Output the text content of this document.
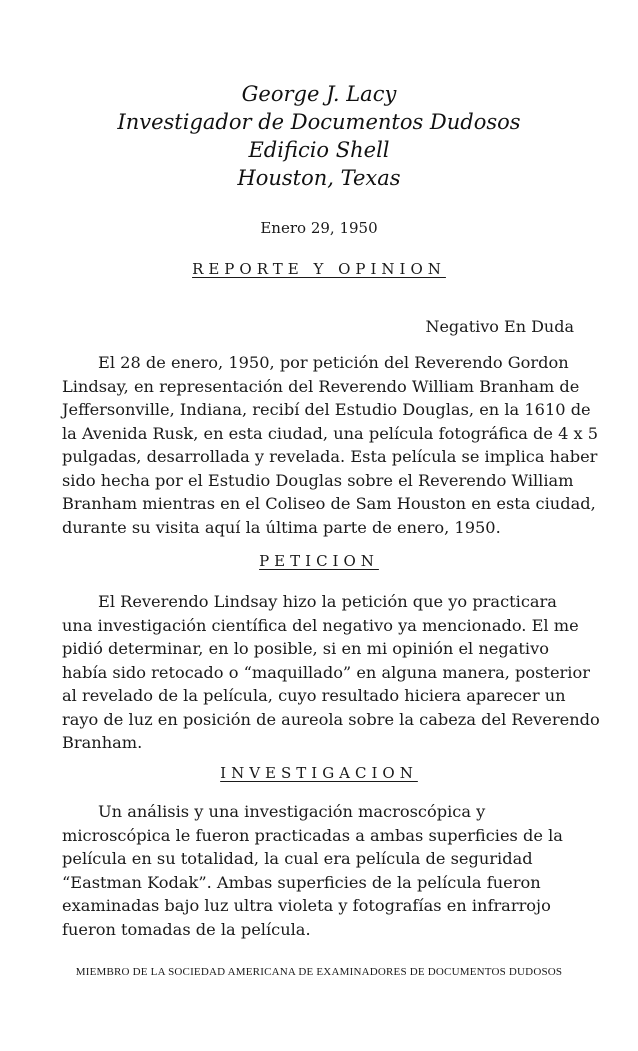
George J. Lacy
Investigador de Documentos Dudosos
Edificio Shell
Houston, Texas
Enero 29, 1950
REPORTE Y OPINION
Negativo En Duda
El 28 de enero, 1950, por petición del Reverendo Gordon
Lindsay, en representación del Reverendo William Branham de
Jeffersonville, Indiana, recibí del Estudio Douglas, en la 1610 de
la Avenida Rusk, en esta ciudad, una película fotográfica de 4 x 5
pulgadas, desarrollada y revelada. Esta película se implica haber
sido hecha por el Estudio Douglas sobre el Reverendo William
Branham mientras en el Coliseo de Sam Houston en esta ciudad,
durante su visita aquí la última parte de enero, 1950.
PETICION
El Reverendo Lindsay hizo la petición que yo practicara
una investigación científica del negativo ya mencionado. El me
pidió determinar, en lo posible, si en mi opinión el negativo
había sido retocado o “maquillado” en alguna manera, posterior
al revelado de la película, cuyo resultado hiciera aparecer un
rayo de luz en posición de aureola sobre la cabeza del Reverendo
Branham.
INVESTIGACION
Un análisis y una investigación macroscópica y
microscópica le fueron practicadas a ambas superficies de la
película en su totalidad, la cual era película de seguridad
“Eastman Kodak”. Ambas superficies de la película fueron
examinadas bajo luz ultra violeta y fotografías en infrarrojo
fueron tomadas de la película.
MIEMBRO DE LA SOCIEDAD AMERICANA DE EXAMINADORES DE DOCUMENTOS DUDOSOS
